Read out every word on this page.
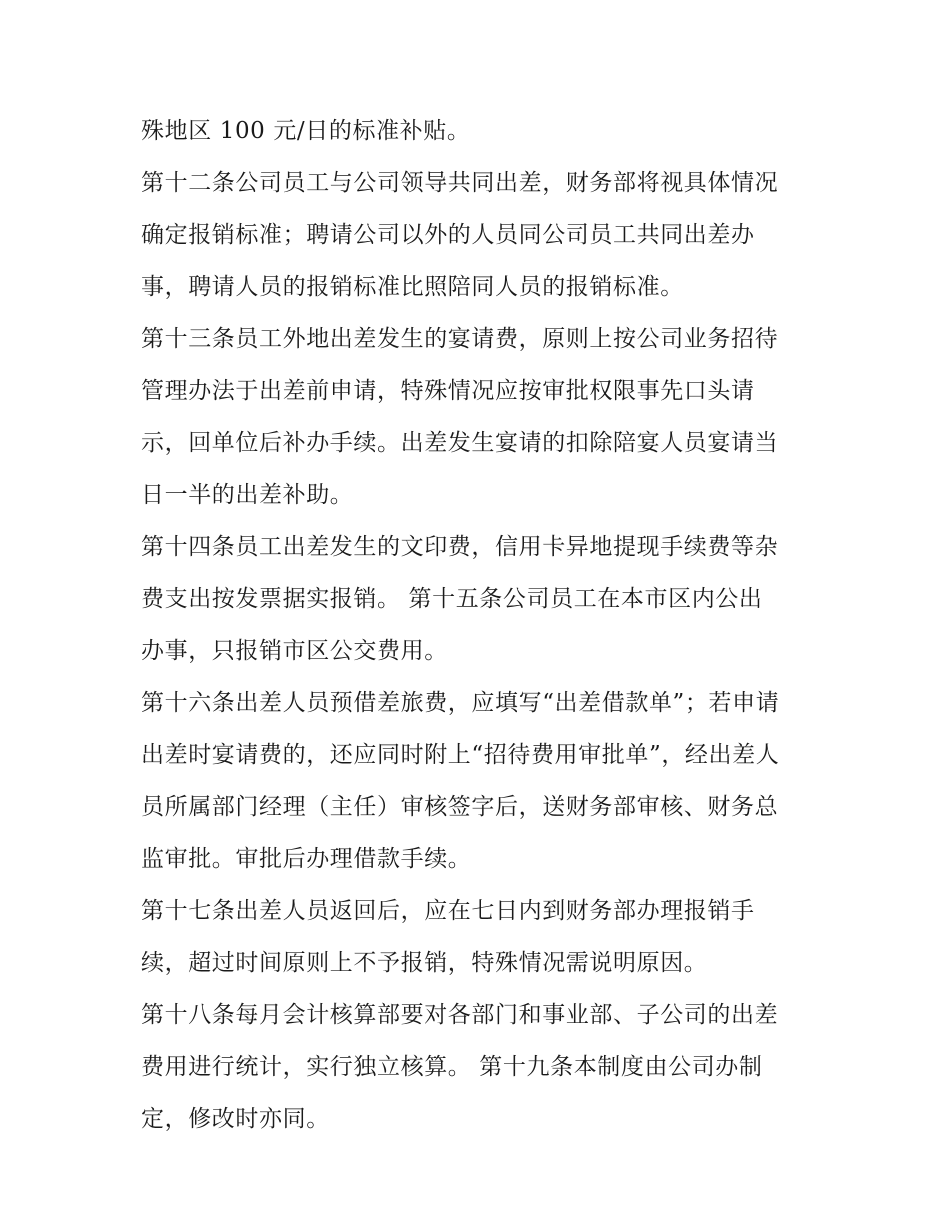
殊地区 100 元/日的标准补贴。
第十二条公司员工与公司领导共同出差，财务部将视具体情况
确定报销标准；聘请公司以外的人员同公司员工共同出差办
事，聘请人员的报销标准比照陪同人员的报销标准。
第十三条员工外地出差发生的宴请费，原则上按公司业务招待
管理办法于出差前申请，特殊情况应按审批权限事先口头请
示，回单位后补办手续。出差发生宴请的扣除陪宴人员宴请当
日一半的出差补助。
第十四条员工出差发生的文印费，信用卡异地提现手续费等杂
费支出按发票据实报销。 第十五条公司员工在本市区内公出
办事，只报销市区公交费用。
第十六条出差人员预借差旅费，应填写“出差借款单”；若申请
出差时宴请费的，还应同时附上“招待费用审批单”，经出差人
员所属部门经理（主任）审核签字后，送财务部审核、财务总
监审批。审批后办理借款手续。
第十七条出差人员返回后，应在七日内到财务部办理报销手
续，超过时间原则上不予报销，特殊情况需说明原因。
第十八条每月会计核算部要对各部门和事业部、子公司的出差
费用进行统计，实行独立核算。 第十九条本制度由公司办制
定，修改时亦同。
